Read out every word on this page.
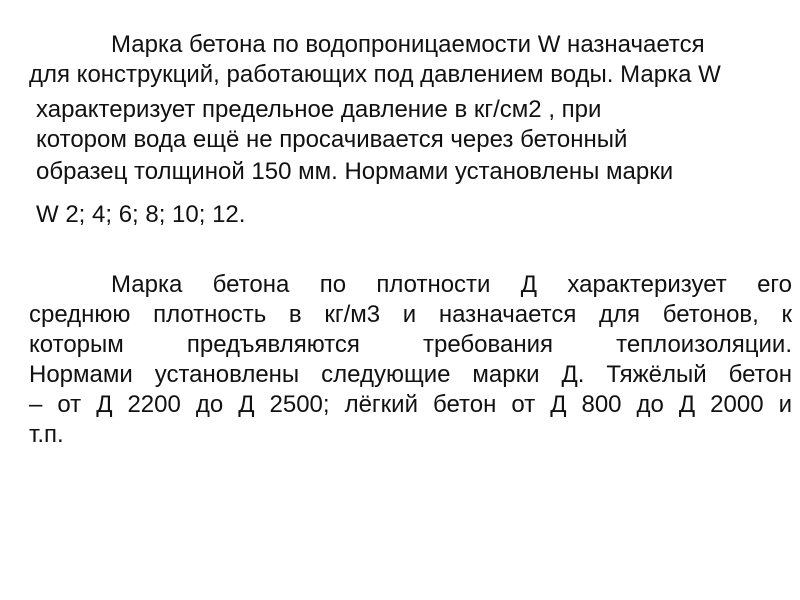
Марка бетона по водопроницаемости W назначается
для конструкций, работающих под давлением воды. Марка W
характеризует предельное давление в кг/см2 , при
котором вода ещё не просачивается через бетонный
образец толщиной 150 мм. Нормами установлены марки
W 2; 4; 6; 8; 10; 12.
Марка бетона по плотности Д характеризует его
среднюю плотность в кг/м3 и назначается для бетонов, к
которым предъявляются требования теплоизоляции.
Нормами установлены следующие марки Д. Тяжёлый бетон
– от Д 2200 до Д 2500; лёгкий бетон от Д 800 до Д 2000 и
т.п.
